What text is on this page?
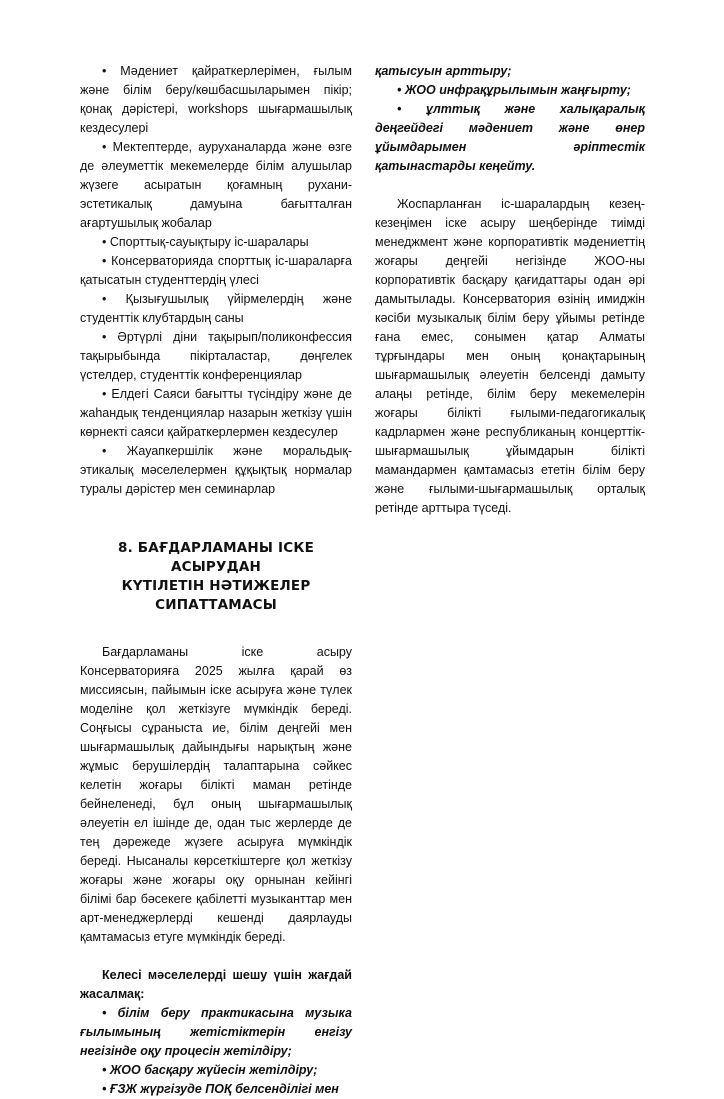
• Мәдениет қайраткерлерімен, ғылым және білім беру/көшбасшыларымен пікір; қонақ дәрістері, workshops шығармашылық кездесулері

• Мектептерде, ауруханаларда және өзге де әлеуметтік мекемелерде білім алушылар жүзеге асыратын қоғамның рухани-эстетикалық дамуына бағытталған ағартушылық жобалар

• Спорттық-сауықтыру іс-шаралары

• Консерваторияда спорттық іс-шараларға қатысатын студенттердің үлесі

• Қызығушылық үйірмелердің және студенттік клубтардың саны

• Әртүрлі діни тақырып/поликонфессия тақырыбында пікірталастар, дөңгелек үстелдер, студенттік конференциялар

• Елдегі Саяси бағытты түсіндіру және де жаһандық тенденциялар назарын жеткізу үшін көрнекті саяси қайраткерлермен кездесулер

• Жауапкершілік және моральдық-этикалық мәселелермен құқықтық нормалар туралы дәрістер мен семинарлар

8. БАҒДАРЛАМАНЫ ІСКЕ АСЫРУДАН
КҮТІЛЕТІН НӘТИЖЕЛЕР СИПАТТАМАСЫ

Бағдарламаны іске асыру Консерваторияға 2025 жылға қарай өз миссиясын, пайымын іске асыруға және түлек моделіне қол жеткізуге мүмкіндік береді. Соңғысы сұраныста ие, білім деңгейі мен шығармашылық дайындығы нарықтың және жұмыс берушілердің талаптарына сәйкес келетін жоғары білікті маман ретінде бейнеленеді, бұл оның шығармашылық әлеуетін ел ішінде де, одан тыс жерлерде де тең дәрежеде жүзеге асыруға мүмкіндік береді. Нысаналы көрсеткіштерге қол жеткізу жоғары және жоғары оқу орнынан кейінгі білімі бар бәсекеге қабілетті музыканттар мен арт-менеджерлерді кешенді даярлауды қамтамасыз етуге мүмкіндік береді.

Келесі мәселелерді шешу үшін жағдай жасалмақ:

• білім беру практикасына музыка ғылымының жетістіктерін енгізу негізінде оқу процесін жетілдіру;

• ЖОО басқару жүйесін жетілдіру;

• ҒЗЖ жүргізуде ПОҚ белсенділігі мен

қатысуын арттыру;

• ЖОО инфрақұрылымын жаңғырту;

• ұлттық және халықаралық деңгейдегі мәдениет және өнер ұйымдарымен әріптестік қатынастарды кеңейту.

Жоспарланған іс-шаралардың кезең-кезеңімен іске асыру шеңберінде тиімді менеджмент және корпоративтік мәдениеттің жоғары деңгейі негізінде ЖОО-ны корпоративтік басқару қағидаттары одан әрі дамытылады. Консерватория өзінің имиджін кәсіби музыкалық білім беру ұйымы ретінде ғана емес, сонымен қатар Алматы тұрғындары мен оның қонақтарының шығармашылық әлеуетін белсенді дамыту алаңы ретінде, білім беру мекемелерін жоғары білікті ғылыми-педагогикалық кадрлармен және республиканың концерттік-шығармашылық ұйымдарын білікті мамандармен қамтамасыз ететін білім беру және ғылыми-шығармашылық орталық ретінде арттыра түседі.
